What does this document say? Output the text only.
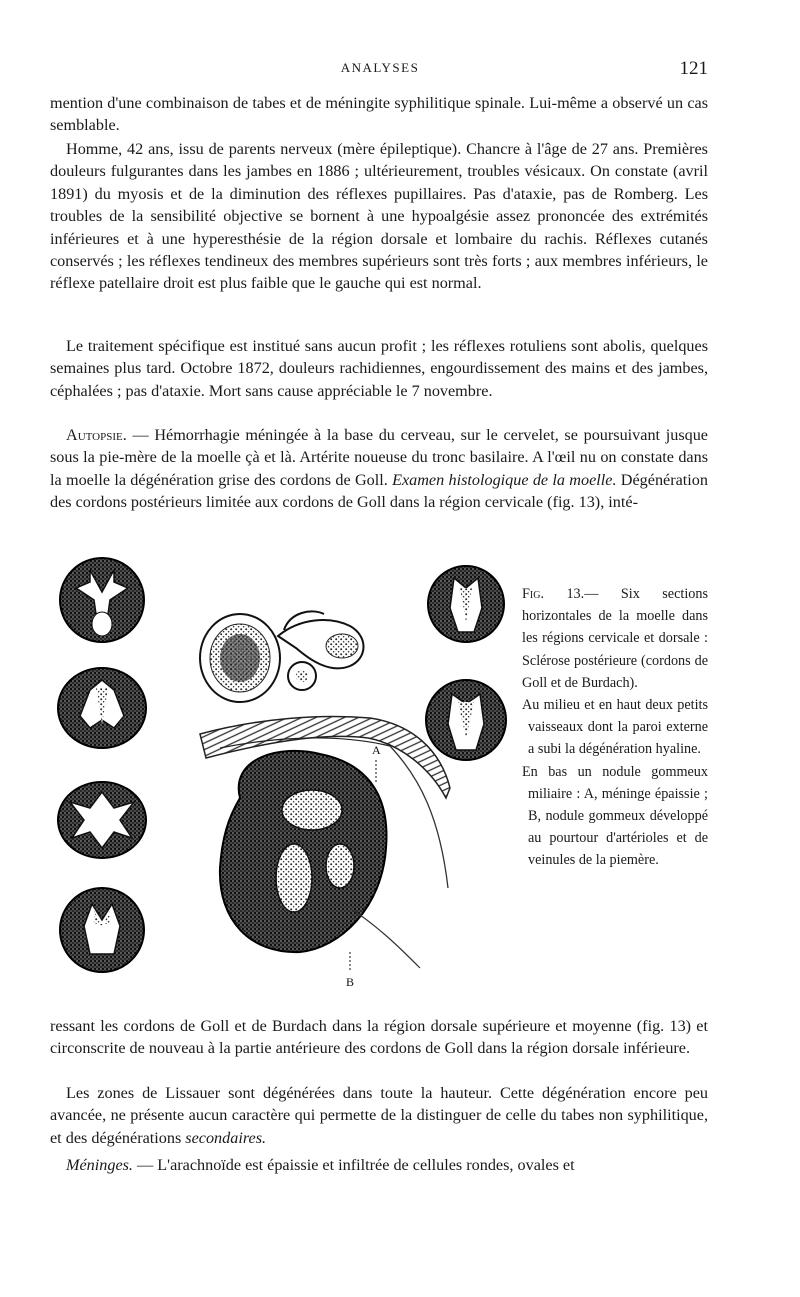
ANALYSES	121

mention d'une combinaison de tabes et de méningite syphilitique spinale. Lui-même a observé un cas semblable.

Homme, 42 ans, issu de parents nerveux (mère épileptique). Chancre à l'âge de 27 ans. Premières douleurs fulgurantes dans les jambes en 1886 ; ultérieurement, troubles vésicaux. On constate (avril 1891) du myosis et de la diminution des réflexes pupillaires. Pas d'ataxie, pas de Romberg. Les troubles de la sensibilité objective se bornent à une hypoalgésie assez prononcée des extrémités inférieures et à une hyperesthésie de la région dorsale et lombaire du rachis. Réflexes cutanés conservés ; les réflexes tendineux des membres supérieurs sont très forts ; aux membres inférieurs, le réflexe patellaire droit est plus faible que le gauche qui est normal.

Le traitement spécifique est institué sans aucun profit ; les réflexes rotuliens sont abolis, quelques semaines plus tard. Octobre 1872, douleurs rachidiennes, engourdissement des mains et des jambes, céphalées ; pas d'ataxie. Mort sans cause appréciable le 7 novembre.

Autopsie. — Hémorrhagie méningée à la base du cerveau, sur le cervelet, se poursuivant jusque sous la pie-mère de la moelle çà et là. Artérite noueuse du tronc basilaire. A l'œil nu on constate dans la moelle la dégénération grise des cordons de Goll. Examen histologique de la moelle. Dégénération des cordons postérieurs limitée aux cordons de Goll dans la région cervicale (fig. 13), inté-

A
B

Fig. 13.— Six sections horizontales de la moelle dans les régions cervicale et dorsale : Sclérose postérieure (cordons de Goll et de Burdach).

Au milieu et en haut deux petits vaisseaux dont la paroi externe a subi la dégénération hyaline.

En bas un nodule gommeux miliaire : A, méninge épaissie ; B, nodule gommeux développé au pourtour d'artérioles et de veinules de la piemère.

ressant les cordons de Goll et de Burdach dans la région dorsale supérieure et moyenne (fig. 13) et circonscrite de nouveau à la partie antérieure des cordons de Goll dans la région dorsale inférieure.

Les zones de Lissauer sont dégénérées dans toute la hauteur. Cette dégénération encore peu avancée, ne présente aucun caractère qui permette de la distinguer de celle du tabes non syphilitique, et des dégénérations secondaires.

Méninges. — L'arachnoïde est épaissie et infiltrée de cellules rondes, ovales et
